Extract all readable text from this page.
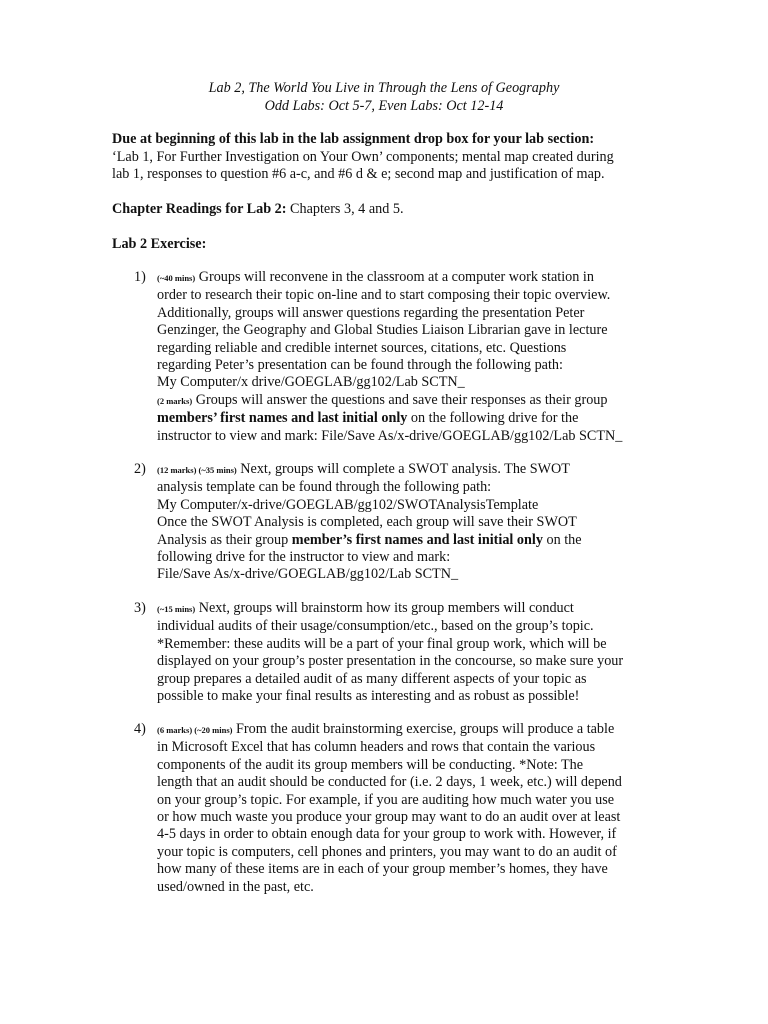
Lab 2, The World You Live in Through the Lens of Geography
Odd Labs: Oct 5-7, Even Labs: Oct 12-14
Due at beginning of this lab in the lab assignment drop box for your lab section:
‘Lab 1, For Further Investigation on Your Own’ components; mental map created during
lab 1, responses to question #6 a-c, and #6 d & e; second map and justification of map.
Chapter Readings for Lab 2: Chapters 3, 4 and 5.
Lab 2 Exercise:
1) (~40 mins) Groups will reconvene in the classroom at a computer work station in
order to research their topic on-line and to start composing their topic overview.
Additionally, groups will answer questions regarding the presentation Peter
Genzinger, the Geography and Global Studies Liaison Librarian gave in lecture
regarding reliable and credible internet sources, citations, etc. Questions
regarding Peter’s presentation can be found through the following path:
My Computer/x drive/GOEGLAB/gg102/Lab SCTN_
(2 marks) Groups will answer the questions and save their responses as their group
members’ first names and last initial only on the following drive for the
instructor to view and mark: File/Save As/x-drive/GOEGLAB/gg102/Lab SCTN_
2) (12 marks) (~35 mins) Next, groups will complete a SWOT analysis. The SWOT
analysis template can be found through the following path:
My Computer/x-drive/GOEGLAB/gg102/SWOTAnalysisTemplate
Once the SWOT Analysis is completed, each group will save their SWOT
Analysis as their group member’s first names and last initial only on the
following drive for the instructor to view and mark:
File/Save As/x-drive/GOEGLAB/gg102/Lab SCTN_
3) (~15 mins) Next, groups will brainstorm how its group members will conduct
individual audits of their usage/consumption/etc., based on the group’s topic.
*Remember: these audits will be a part of your final group work, which will be
displayed on your group’s poster presentation in the concourse, so make sure your
group prepares a detailed audit of as many different aspects of your topic as
possible to make your final results as interesting and as robust as possible!
4) (6 marks) (~20 mins) From the audit brainstorming exercise, groups will produce a table
in Microsoft Excel that has column headers and rows that contain the various
components of the audit its group members will be conducting. *Note: The
length that an audit should be conducted for (i.e. 2 days, 1 week, etc.) will depend
on your group’s topic. For example, if you are auditing how much water you use
or how much waste you produce your group may want to do an audit over at least
4-5 days in order to obtain enough data for your group to work with. However, if
your topic is computers, cell phones and printers, you may want to do an audit of
how many of these items are in each of your group member’s homes, they have
used/owned in the past, etc.
